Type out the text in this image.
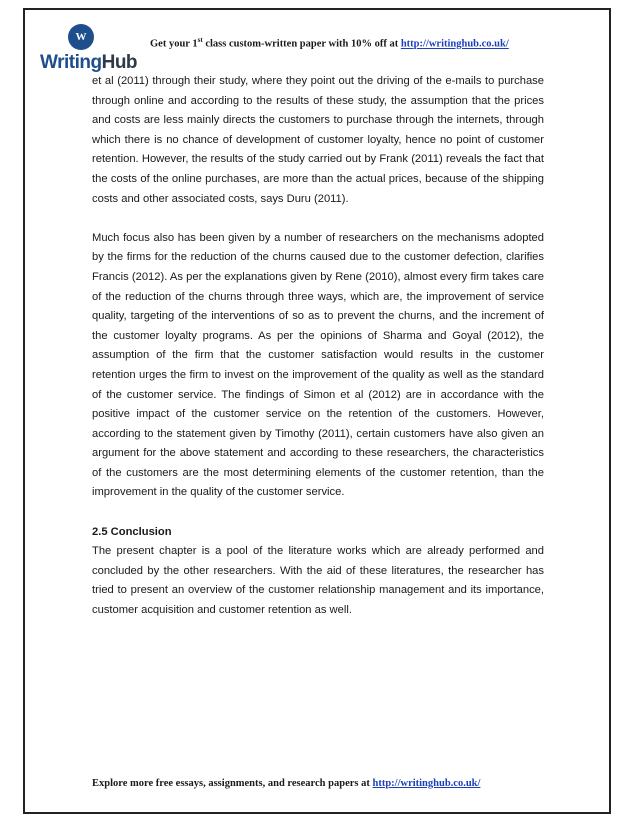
W
WritingHub
Get your 1st class custom-written paper with 10% off at http://writinghub.co.uk/

et al (2011) through their study, where they point out the driving of the e-mails to purchase through online and according to the results of these study, the assumption that the prices and costs are less mainly directs the customers to purchase through the internets, through which there is no chance of development of customer loyalty, hence no point of customer retention. However, the results of the study carried out by Frank (2011) reveals the fact that the costs of the online purchases, are more than the actual prices, because of the shipping costs and other associated costs, says Duru (2011).

Much focus also has been given by a number of researchers on the mechanisms adopted by the firms for the reduction of the churns caused due to the customer defection, clarifies Francis (2012). As per the explanations given by Rene (2010), almost every firm takes care of the reduction of the churns through three ways, which are, the improvement of service quality, targeting of the interventions of so as to prevent the churns, and the increment of the customer loyalty programs. As per the opinions of Sharma and Goyal (2012), the assumption of the firm that the customer satisfaction would results in the customer retention urges the firm to invest on the improvement of the quality as well as the standard of the customer service. The findings of Simon et al (2012) are in accordance with the positive impact of the customer service on the retention of the customers. However, according to the statement given by Timothy (2011), certain customers have also given an argument for the above statement and according to these researchers, the characteristics of the customers are the most determining elements of the customer retention, than the improvement in the quality of the customer service.

2.5 Conclusion

The present chapter is a pool of the literature works which are already performed and concluded by the other researchers. With the aid of these literatures, the researcher has tried to present an overview of the customer relationship management and its importance, customer acquisition and customer retention as well.

Explore more free essays, assignments, and research papers at http://writinghub.co.uk/
